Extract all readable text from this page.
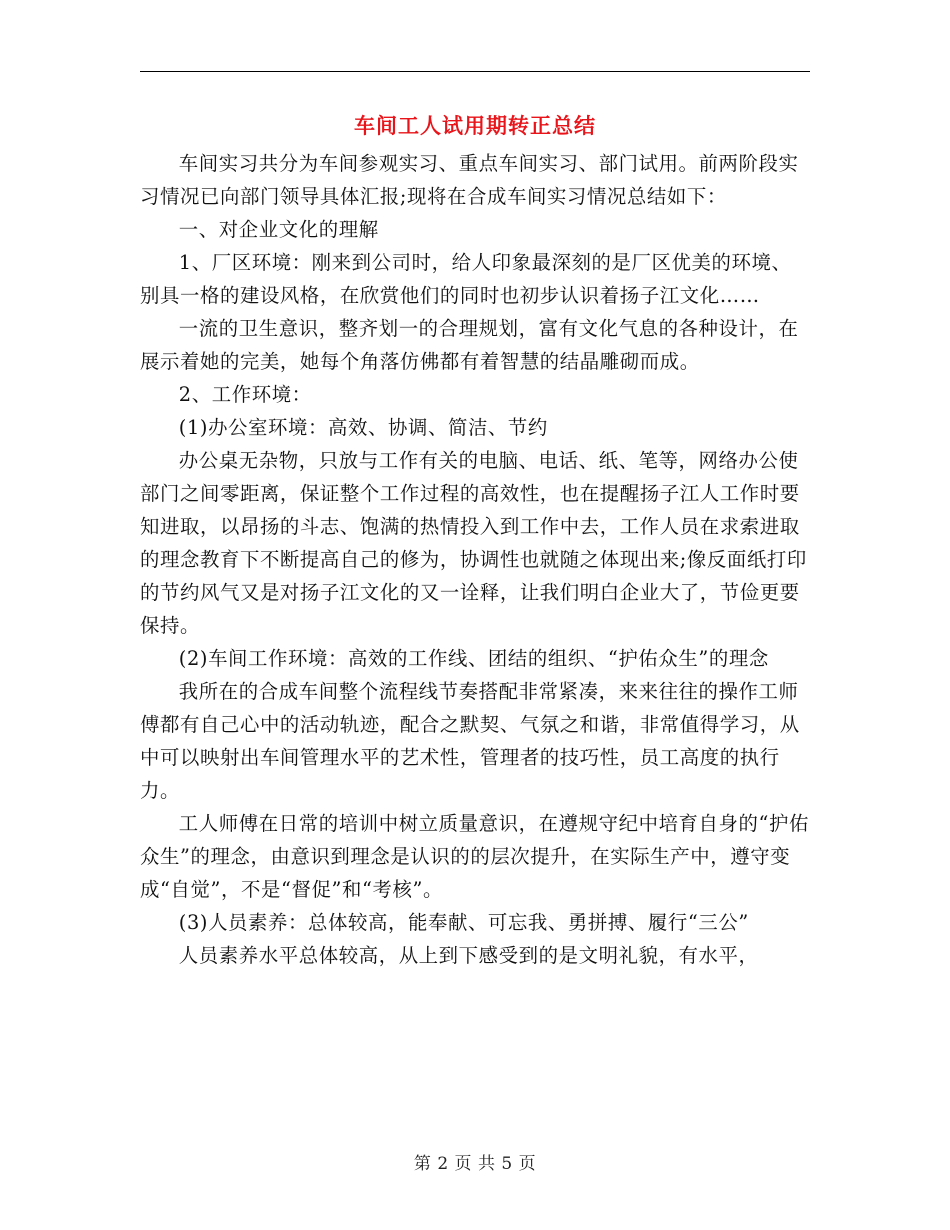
车间工人试用期转正总结

车间实习共分为车间参观实习、重点车间实习、部门试用。前两阶段实习情况已向部门领导具体汇报;现将在合成车间实习情况总结如下：

一、对企业文化的理解

1、厂区环境：刚来到公司时，给人印象最深刻的是厂区优美的环境、别具一格的建设风格，在欣赏他们的同时也初步认识着扬子江文化……

一流的卫生意识，整齐划一的合理规划，富有文化气息的各种设计，在展示着她的完美，她每个角落仿佛都有着智慧的结晶雕砌而成。

2、工作环境：

(1)办公室环境：高效、协调、简洁、节约

办公桌无杂物，只放与工作有关的电脑、电话、纸、笔等，网络办公使部门之间零距离，保证整个工作过程的高效性，也在提醒扬子江人工作时要知进取，以昂扬的斗志、饱满的热情投入到工作中去，工作人员在求索进取的理念教育下不断提高自己的修为，协调性也就随之体现出来;像反面纸打印的节约风气又是对扬子江文化的又一诠释，让我们明白企业大了，节俭更要保持。

(2)车间工作环境：高效的工作线、团结的组织、“护佑众生”的理念

我所在的合成车间整个流程线节奏搭配非常紧凑，来来往往的操作工师傅都有自己心中的活动轨迹，配合之默契、气氛之和谐，非常值得学习，从中可以映射出车间管理水平的艺术性，管理者的技巧性，员工高度的执行力。

工人师傅在日常的培训中树立质量意识，在遵规守纪中培育自身的“护佑众生”的理念，由意识到理念是认识的的层次提升，在实际生产中，遵守变成“自觉”，不是“督促”和“考核”。

(3)人员素养：总体较高，能奉献、可忘我、勇拼搏、履行“三公”

人员素养水平总体较高，从上到下感受到的是文明礼貌，有水平，

第 2 页 共 5 页
